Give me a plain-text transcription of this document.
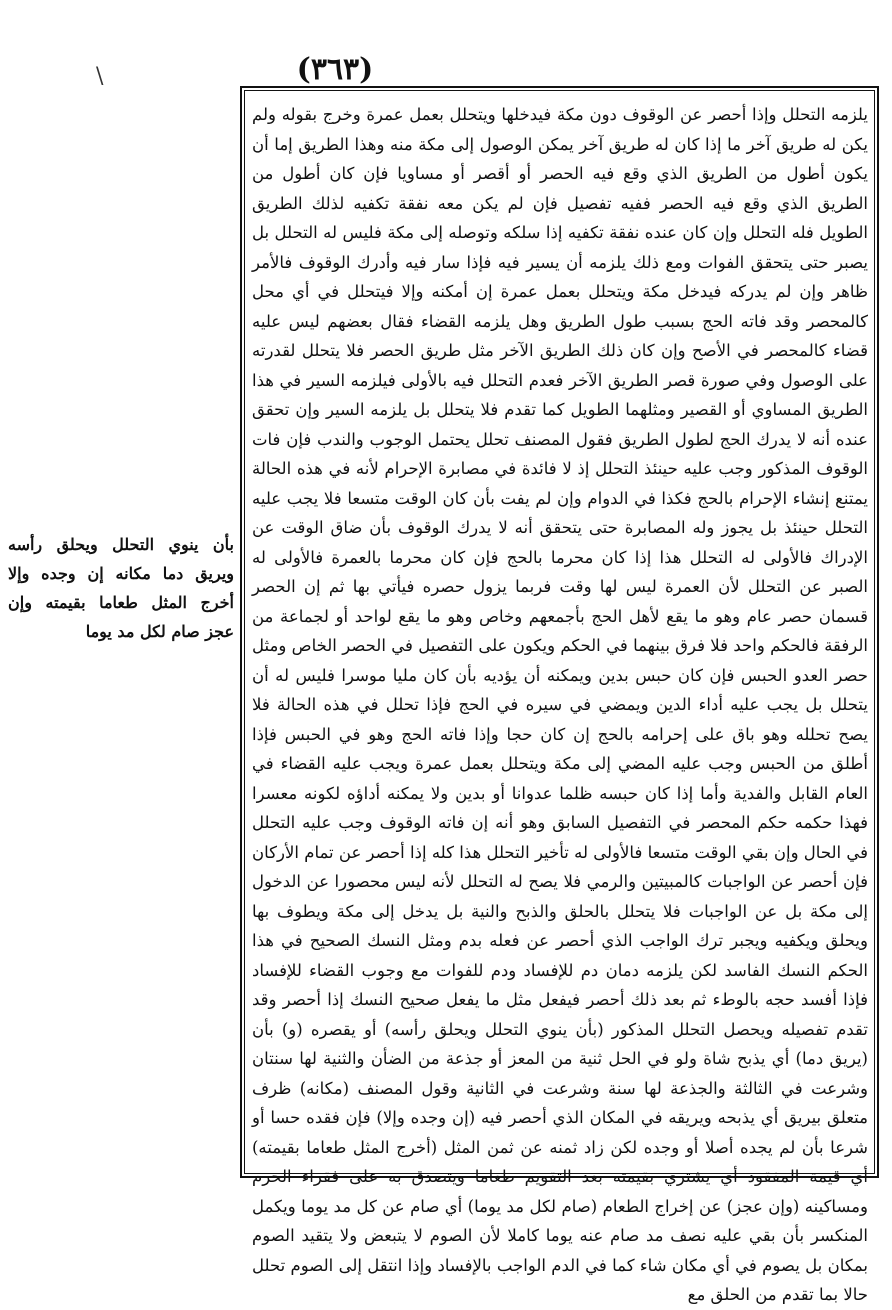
\	(٣٦٣)

يلزمه التحلل وإذا أحصر عن الوقوف دون مكة فيدخلها ويتحلل بعمل عمرة وخرج بقوله ولم يكن له طريق آخر ما إذا كان له طريق آخر يمكن الوصول إلى مكة منه وهذا الطريق إما أن يكون أطول من الطريق الذي وقع فيه الحصر أو أقصر أو مساويا فإن كان أطول من الطريق الذي وقع فيه الحصر ففيه تفصيل فإن لم يكن معه نفقة تكفيه لذلك الطريق الطويل فله التحلل وإن كان عنده نفقة تكفيه إذا سلكه وتوصله إلى مكة فليس له التحلل بل يصبر حتى يتحقق الفوات ومع ذلك يلزمه أن يسير فيه فإذا سار فيه وأدرك الوقوف فالأمر ظاهر وإن لم يدركه فيدخل مكة ويتحلل بعمل عمرة إن أمكنه وإلا فيتحلل في أي محل كالمحصر وقد فاته الحج بسبب طول الطريق وهل يلزمه القضاء فقال بعضهم ليس عليه قضاء كالمحصر في الأصح وإن كان ذلك الطريق الآخر مثل طريق الحصر فلا يتحلل لقدرته على الوصول وفي صورة قصر الطريق الآخر فعدم التحلل فيه بالأولى فيلزمه السير في هذا الطريق المساوي أو القصير ومثلهما الطويل كما تقدم فلا يتحلل بل يلزمه السير وإن تحقق عنده أنه لا يدرك الحج لطول الطريق فقول المصنف تحلل يحتمل الوجوب والندب فإن فات الوقوف المذكور وجب عليه حينئذ التحلل إذ لا فائدة في مصابرة الإحرام لأنه في هذه الحالة يمتنع إنشاء الإحرام بالحج فكذا في الدوام وإن لم يفت بأن كان الوقت متسعا فلا يجب عليه التحلل حينئذ بل يجوز وله المصابرة حتى يتحقق أنه لا يدرك الوقوف بأن ضاق الوقت عن الإدراك فالأولى له التحلل هذا إذا كان محرما بالحج فإن كان محرما بالعمرة فالأولى له الصبر عن التحلل لأن العمرة ليس لها وقت فربما يزول حصره فيأتي بها ثم إن الحصر قسمان حصر عام وهو ما يقع لأهل الحج بأجمعهم وخاص وهو ما يقع لواحد أو لجماعة من الرفقة فالحكم واحد فلا فرق بينهما في الحكم ويكون على التفصيل في الحصر الخاص ومثل حصر العدو الحبس فإن كان حبس بدين ويمكنه أن يؤديه بأن كان مليا موسرا فليس له أن يتحلل بل يجب عليه أداء الدين ويمضي في سيره في الحج فإذا تحلل في هذه الحالة فلا يصح تحلله وهو باق على إحرامه بالحج إن كان حجا وإذا فاته الحج وهو في الحبس فإذا أطلق من الحبس وجب عليه المضي إلى مكة ويتحلل بعمل عمرة ويجب عليه القضاء في العام القابل والفدية وأما إذا كان حبسه ظلما عدوانا أو بدين ولا يمكنه أداؤه لكونه معسرا فهذا حكمه حكم المحصر في التفصيل السابق وهو أنه إن فاته الوقوف وجب عليه التحلل في الحال وإن بقي الوقت متسعا فالأولى له تأخير التحلل هذا كله إذا أحصر عن تمام الأركان فإن أحصر عن الواجبات كالمبيتين والرمي فلا يصح له التحلل لأنه ليس محصورا عن الدخول إلى مكة بل عن الواجبات فلا يتحلل بالحلق والذبح والنية بل يدخل إلى مكة ويطوف بها ويحلق ويكفيه ويجبر ترك الواجب الذي أحصر عن فعله بدم ومثل النسك الصحيح في هذا الحكم النسك الفاسد لكن يلزمه دمان دم للإفساد ودم للفوات مع وجوب القضاء للإفساد فإذا أفسد حجه بالوطء ثم بعد ذلك أحصر فيفعل مثل ما يفعل صحيح النسك إذا أحصر وقد تقدم تفصيله ويحصل التحلل المذكور (بأن ينوي التحلل ويحلق رأسه) أو يقصره (و) بأن (يريق دما) أي يذبح شاة ولو في الحل ثنية من المعز أو جذعة من الضأن والثنية لها سنتان وشرعت في الثالثة والجذعة لها سنة وشرعت في الثانية وقول المصنف (مكانه) ظرف متعلق بيريق أي يذبحه ويريقه في المكان الذي أحصر فيه (إن وجده وإلا) فإن فقده حسا أو شرعا بأن لم يجده أصلا أو وجده لكن زاد ثمنه عن ثمن المثل (أخرج المثل طعاما بقيمته) أي قيمة المفقود أي يشتري بقيمته بعد التقويم طعاما ويتصدق به على فقراء الحرم ومساكينه (وإن عجز) عن إخراج الطعام (صام لكل مد يوما) أي صام عن كل مد يوما ويكمل المنكسر بأن بقي عليه نصف مد صام عنه يوما كاملا لأن الصوم لا يتبعض ولا يتقيد الصوم بمكان بل يصوم في أي مكان شاء كما في الدم الواجب بالإفساد وإذا انتقل إلى الصوم تحلل حالا بما تقدم من الحلق مع

بأن ينوي التحلل ويحلق رأسه ويريق دما مكانه إن وجده وإلا أخرج المثل طعاما بقيمته وإن عجز صام لكل مد يوما
